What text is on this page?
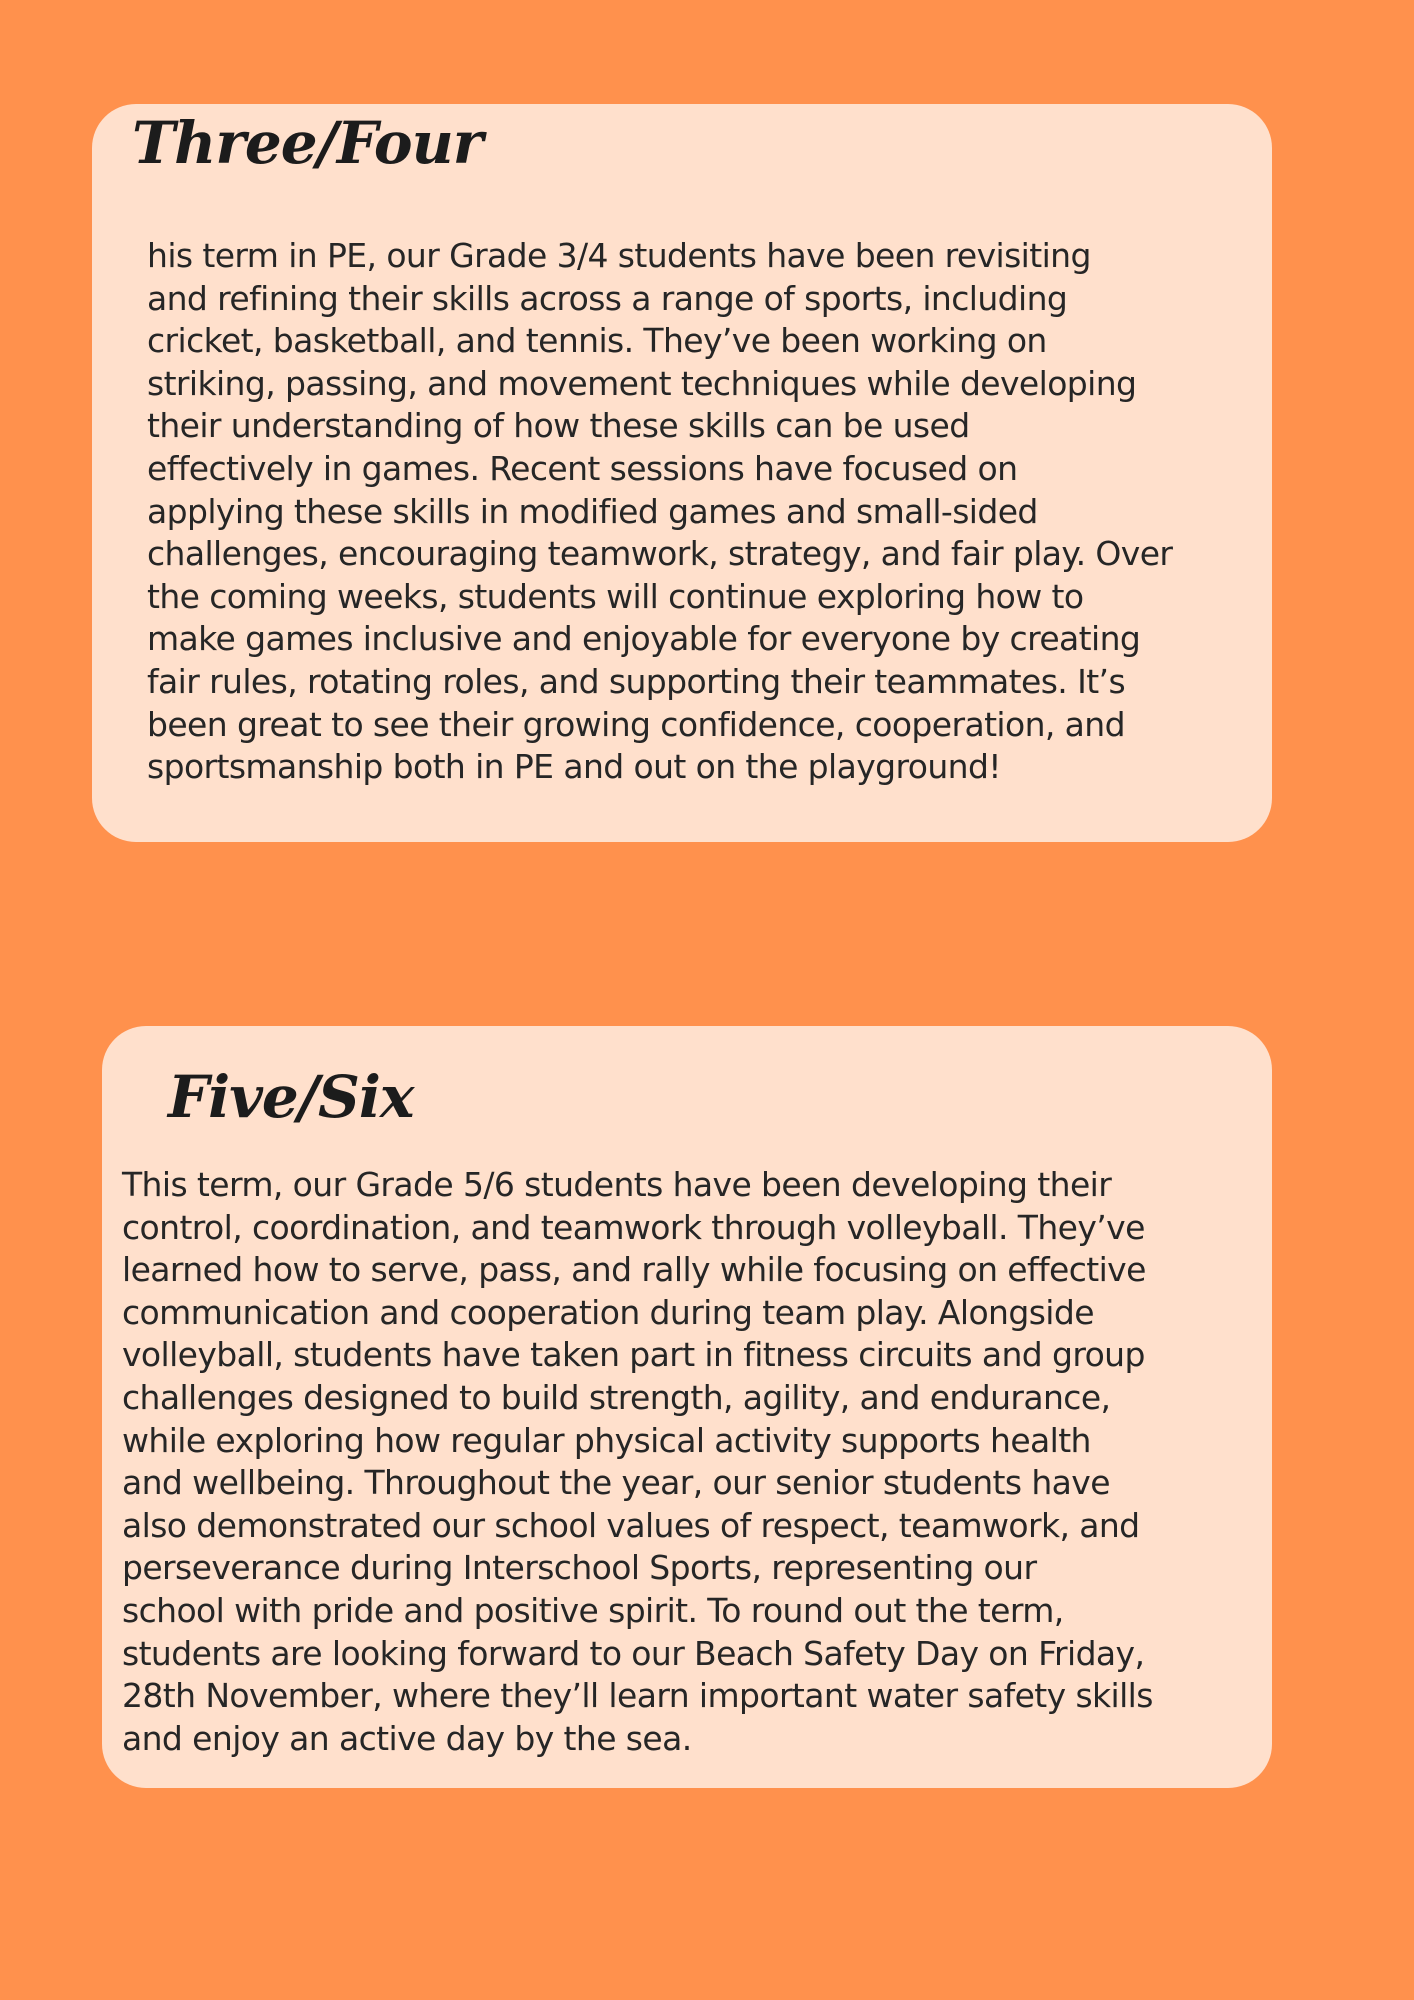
Three/Four

his term in PE, our Grade 3/4 students have been revisiting
and refining their skills across a range of sports, including
cricket, basketball, and tennis. They’ve been working on
striking, passing, and movement techniques while developing
their understanding of how these skills can be used
effectively in games. Recent sessions have focused on
applying these skills in modified games and small-sided
challenges, encouraging teamwork, strategy, and fair play. Over
the coming weeks, students will continue exploring how to
make games inclusive and enjoyable for everyone by creating
fair rules, rotating roles, and supporting their teammates. It’s
been great to see their growing confidence, cooperation, and
sportsmanship both in PE and out on the playground!

Five/Six

This term, our Grade 5/6 students have been developing their
control, coordination, and teamwork through volleyball. They’ve
learned how to serve, pass, and rally while focusing on effective
communication and cooperation during team play. Alongside
volleyball, students have taken part in fitness circuits and group
challenges designed to build strength, agility, and endurance,
while exploring how regular physical activity supports health
and wellbeing. Throughout the year, our senior students have
also demonstrated our school values of respect, teamwork, and
perseverance during Interschool Sports, representing our
school with pride and positive spirit. To round out the term,
students are looking forward to our Beach Safety Day on Friday,
28th November, where they’ll learn important water safety skills
and enjoy an active day by the sea.
